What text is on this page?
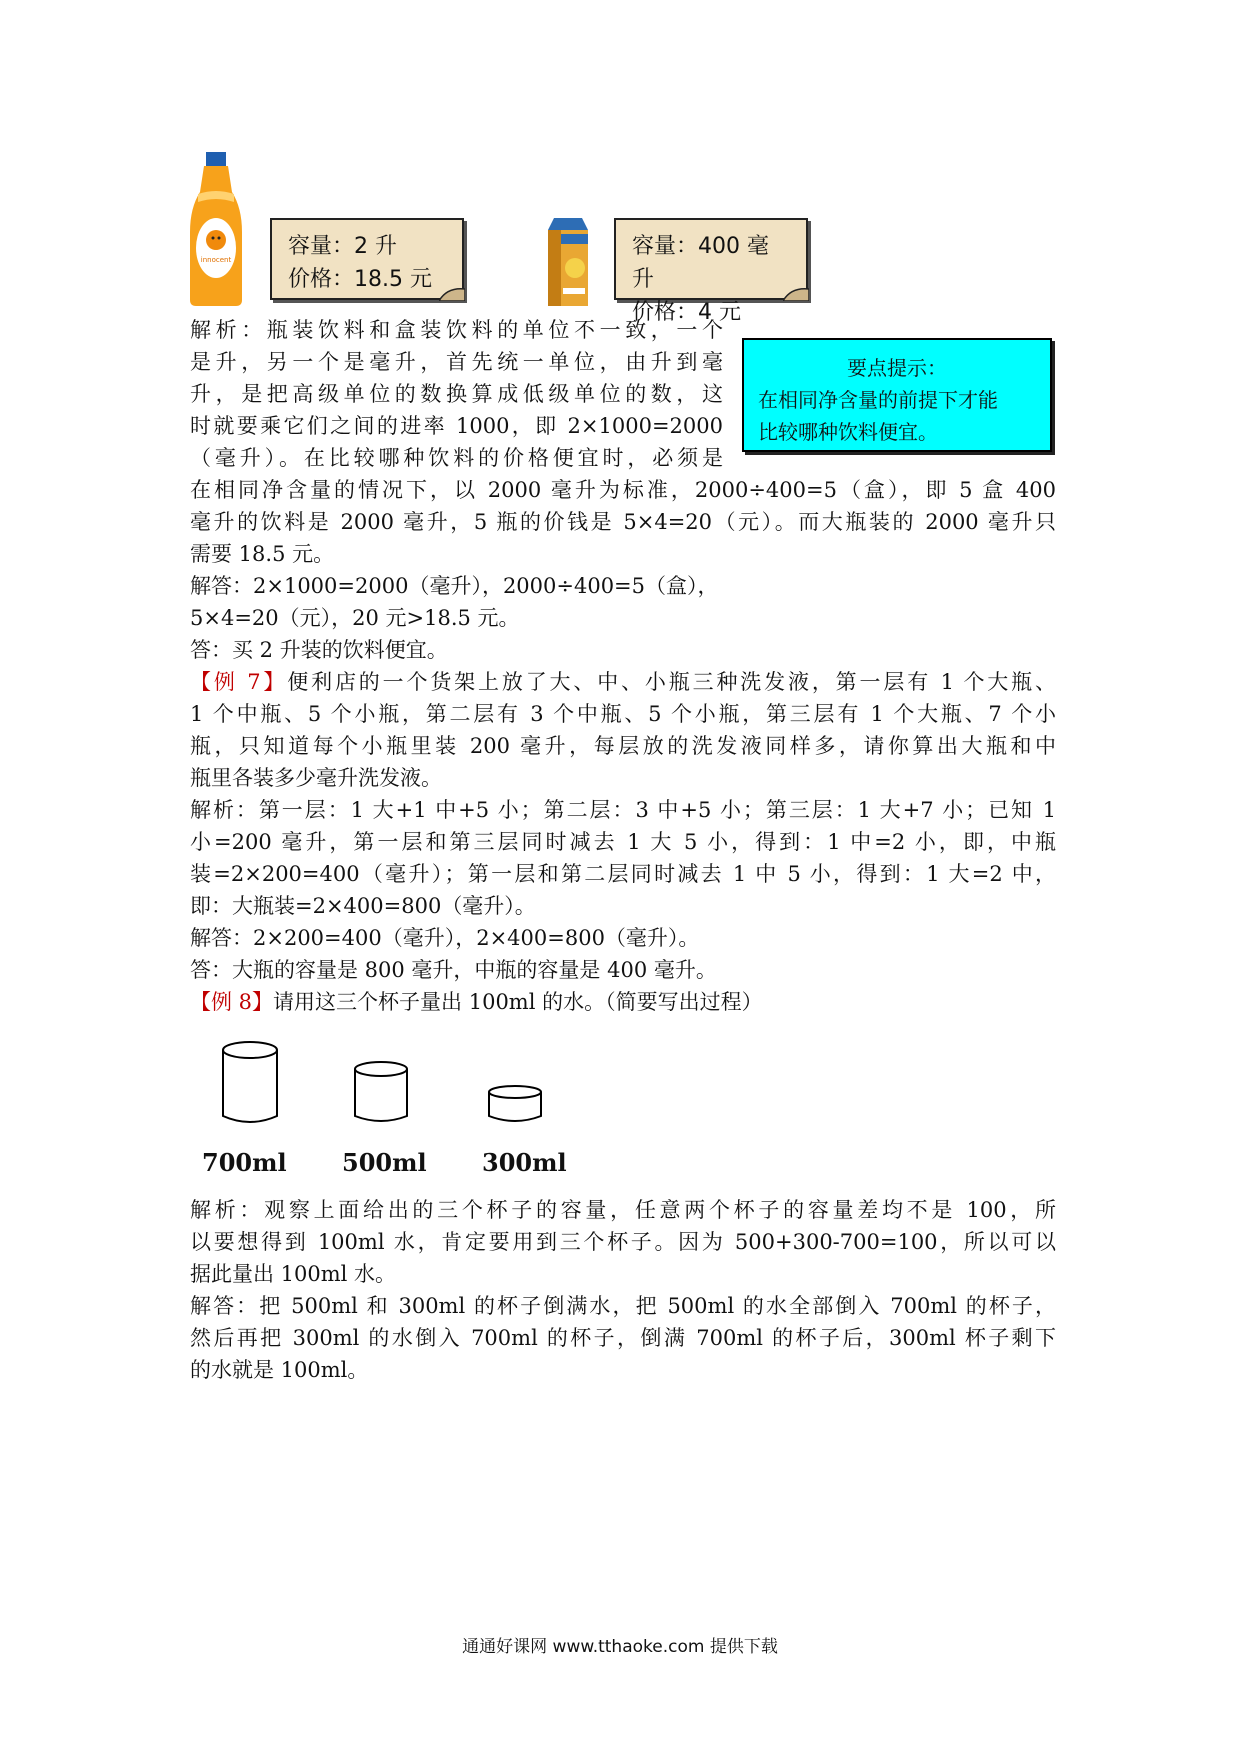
innocent
容量：2 升
价格：18.5 元
容量：400 毫升
价格：4 元
要点提示：
在相同净含量的前提下才能
比较哪种饮料便宜。
解析：瓶装饮料和盒装饮料的单位不一致，一个
是升，另一个是毫升，首先统一单位，由升到毫
升，是把高级单位的数换算成低级单位的数，这
时就要乘它们之间的进率 1000，即 2×1000=2000
（毫升）。在比较哪种饮料的价格便宜时，必须是
在相同净含量的情况下，以 2000 毫升为标准，2000÷400=5（盒），即 5 盒 400
毫升的饮料是 2000 毫升，5 瓶的价钱是 5×4=20（元）。而大瓶装的 2000 毫升只
需要 18.5 元。
解答：2×1000=2000（毫升），2000÷400=5（盒），
5×4=20（元），20 元>18.5 元。
答：买 2 升装的饮料便宜。
【例 7】便利店的一个货架上放了大、中、小瓶三种洗发液，第一层有 1 个大瓶、
1 个中瓶、5 个小瓶，第二层有 3 个中瓶、5 个小瓶，第三层有 1 个大瓶、7 个小
瓶，只知道每个小瓶里装 200 毫升，每层放的洗发液同样多，请你算出大瓶和中
瓶里各装多少毫升洗发液。
解析：第一层：1 大+1 中+5 小；第二层：3 中+5 小；第三层：1 大+7 小；已知 1
小=200 毫升，第一层和第三层同时减去 1 大 5 小，得到：1 中=2 小，即，中瓶
装=2×200=400（毫升）；第一层和第二层同时减去 1 中 5 小，得到：1 大=2 中，
即：大瓶装=2×400=800（毫升）。
解答：2×200=400（毫升），2×400=800（毫升）。
答：大瓶的容量是 800 毫升，中瓶的容量是 400 毫升。
【例 8】请用这三个杯子量出 100ml 的水。（简要写出过程）
700ml 500ml 300ml
解析：观察上面给出的三个杯子的容量，任意两个杯子的容量差均不是 100，所
以要想得到 100ml 水，肯定要用到三个杯子。因为 500+300-700=100，所以可以
据此量出 100ml 水。
解答：把 500ml 和 300ml 的杯子倒满水，把 500ml 的水全部倒入 700ml 的杯子，
然后再把 300ml 的水倒入 700ml 的杯子，倒满 700ml 的杯子后，300ml 杯子剩下
的水就是 100ml。
通通好课网 www.tthaoke.com 提供下载
